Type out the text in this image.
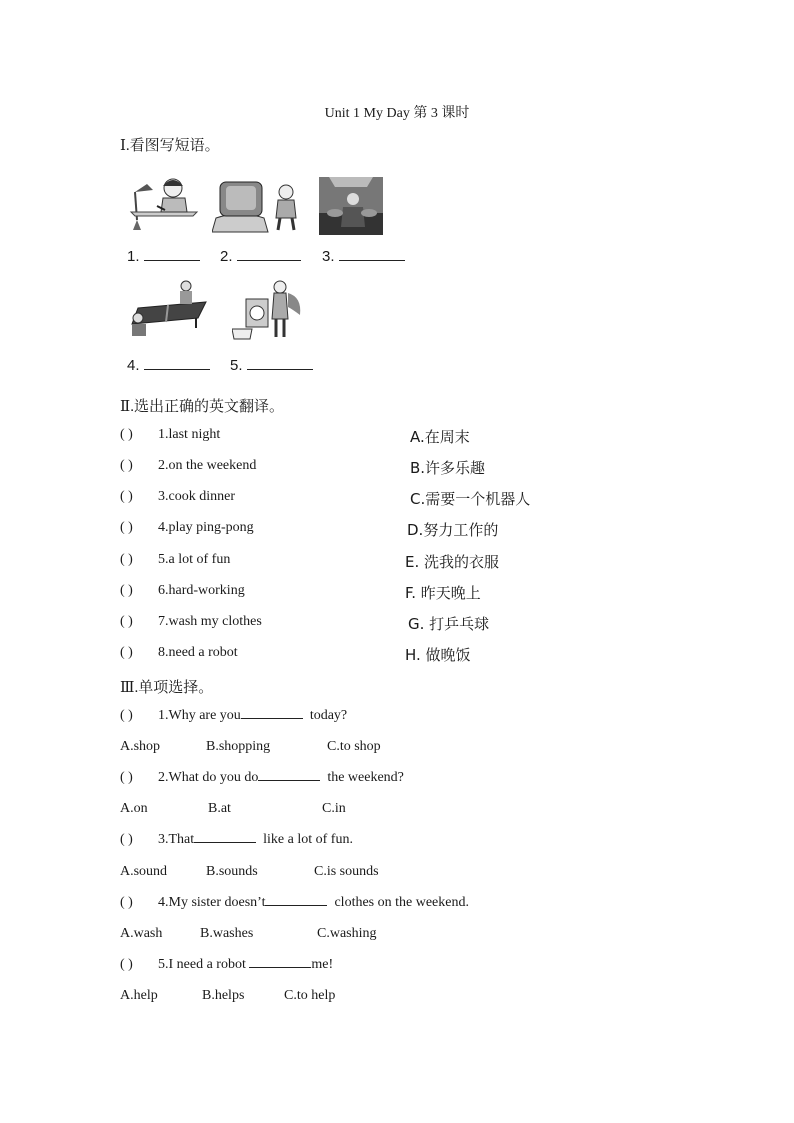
Unit 1 My Day 第 3 课时
Ⅰ.看图写短语。
1.	2.	3.
4.	5.
Ⅱ.选出正确的英文翻译。
( ) 1.last night	A.在周末
( ) 2.on the weekend	B.许多乐趣
( ) 3.cook dinner	C.需要一个机器人
( ) 4.play ping-pong	D.努力工作的
( ) 5.a lot of fun	E. 洗我的衣服
( ) 6.hard-working	F. 昨天晚上
( ) 7.wash my clothes	G. 打乒乓球
( ) 8.need a robot	H. 做晚饭
Ⅲ.单项选择。
( ) 1.Why are you	today?
A.shop	B.shopping	C.to shop
( ) 2.What do you do	the weekend?
A.on	B.at	C.in
( ) 3.That	like a lot of fun.
A.sound	B.sounds	C.is sounds
( ) 4.My sister doesn’t	clothes on the weekend.
A.wash	B.washes	C.washing
( ) 5.I need a robot	me!
A.help	B.helps	C.to help
